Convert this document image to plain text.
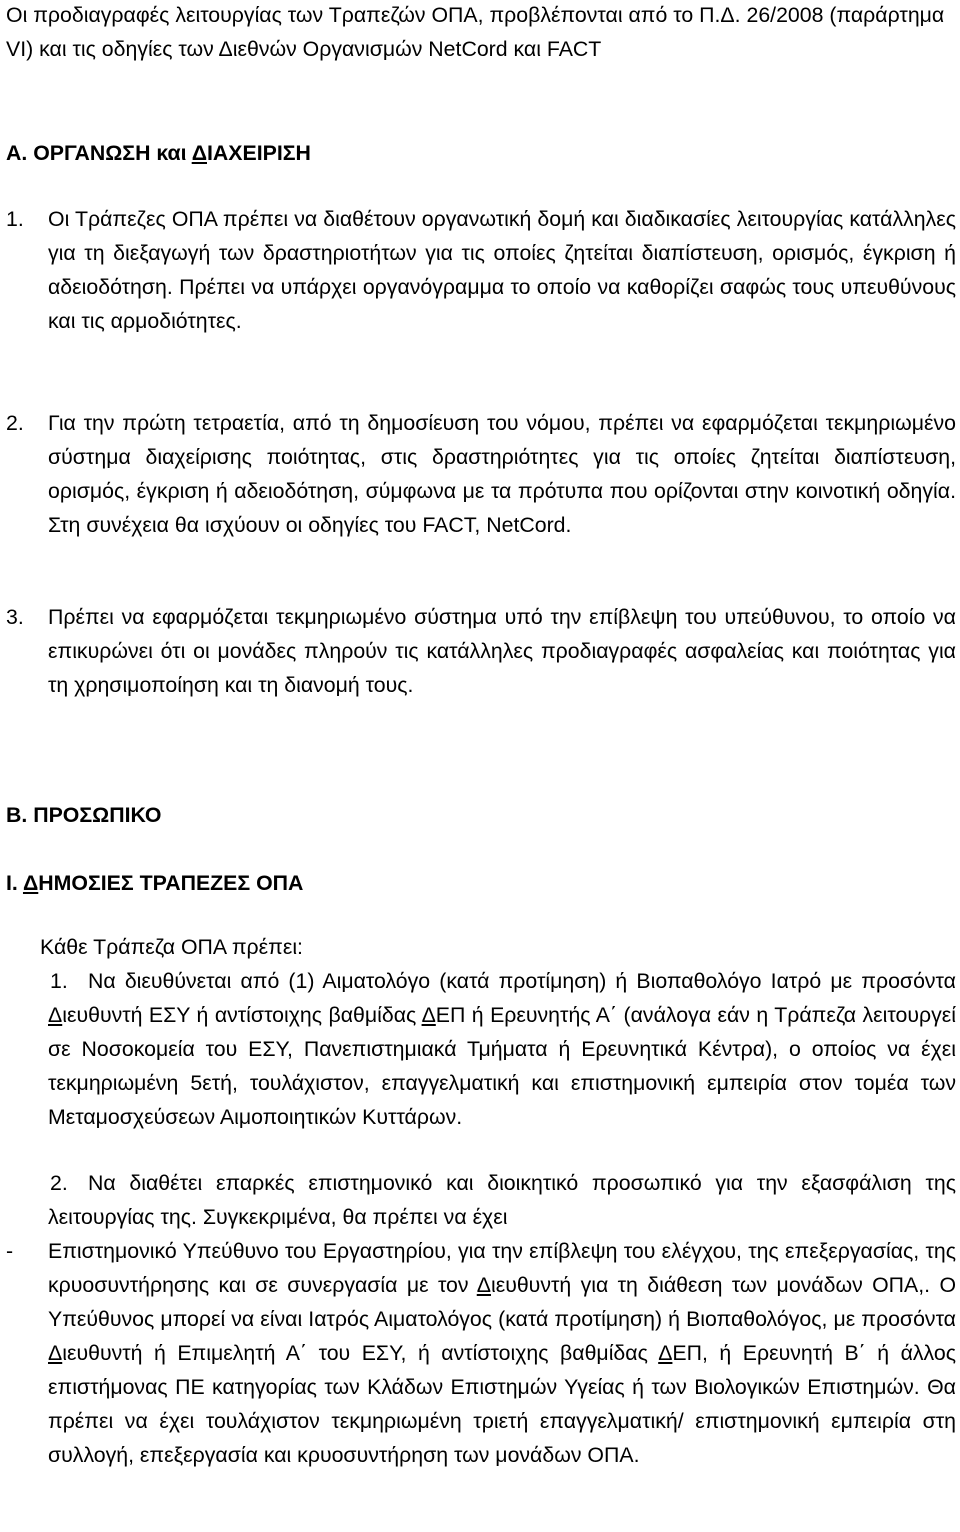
Οι προδιαγραφές λειτουργίας των Τραπεζών ΟΠΑ, προβλέπονται από το Π.Δ. 26/2008 (παράρτημα VI) και τις οδηγίες των Διεθνών Οργανισμών NetCord και FACT

Α. ΟΡΓΑΝΩΣΗ και ΔΙΑΧΕΙΡΙΣΗ

1.	Οι Τράπεζες ΟΠΑ πρέπει να διαθέτουν οργανωτική δομή και διαδικασίες λειτουργίας κατάλληλες για τη διεξαγωγή των δραστηριοτήτων για τις οποίες ζητείται διαπίστευση, ορισμός, έγκριση ή αδειοδότηση. Πρέπει να υπάρχει οργανόγραμμα το οποίο να καθορίζει σαφώς τους υπευθύνους και τις αρμοδιότητες.
2.	Για την πρώτη τετραετία, από τη δημοσίευση του νόμου, πρέπει να εφαρμόζεται τεκμηριωμένο σύστημα διαχείρισης ποιότητας, στις δραστηριότητες για τις οποίες ζητείται διαπίστευση, ορισμός, έγκριση ή αδειοδότηση, σύμφωνα με τα πρότυπα που ορίζονται στην κοινοτική οδηγία. Στη συνέχεια θα ισχύουν οι οδηγίες του FACT, NetCord.
3.	Πρέπει να εφαρμόζεται τεκμηριωμένο σύστημα υπό την επίβλεψη του υπεύθυνου, το οποίο να επικυρώνει ότι οι μονάδες πληρούν τις κατάλληλες προδιαγραφές ασφαλείας και ποιότητας για τη χρησιμοποίηση και τη διανομή τους.

Β. ΠΡΟΣΩΠΙΚΟ

Ι. ΔΗΜΟΣΙΕΣ ΤΡΑΠΕΖΕΣ ΟΠΑ

Κάθε Τράπεζα ΟΠΑ πρέπει:

1. Να διευθύνεται από (1) Αιματολόγο (κατά προτίμηση) ή Βιοπαθολόγο Ιατρό με προσόντα Διευθυντή ΕΣΥ ή αντίστοιχης βαθμίδας ΔΕΠ ή Ερευνητής Α΄ (ανάλογα εάν η Τράπεζα λειτουργεί σε Νοσοκομεία του ΕΣΥ, Πανεπιστημιακά Τμήματα ή Ερευνητικά Κέντρα), ο οποίος να έχει τεκμηριωμένη 5ετή, τουλάχιστον, επαγγελματική και επιστημονική εμπειρία στον τομέα των Μεταμοσχεύσεων Αιμοποιητικών Κυττάρων.

2. Να διαθέτει επαρκές επιστημονικό και διοικητικό προσωπικό για την εξασφάλιση της λειτουργίας της. Συγκεκριμένα, θα πρέπει να έχει

-	Επιστημονικό Υπεύθυνο του Εργαστηρίου, για την επίβλεψη του ελέγχου, της επεξεργασίας, της κρυοσυντήρησης και σε συνεργασία με τον Διευθυντή για τη διάθεση των μονάδων ΟΠΑ,. Ο Υπεύθυνος μπορεί να είναι Ιατρός Αιματολόγος (κατά προτίμηση) ή Βιοπαθολόγος, με προσόντα Διευθυντή ή Επιμελητή Α΄ του ΕΣΥ, ή αντίστοιχης βαθμίδας ΔΕΠ, ή Ερευνητή Β΄ ή άλλος επιστήμονας ΠΕ κατηγορίας των Κλάδων Επιστημών Υγείας ή των Βιολογικών Επιστημών. Θα πρέπει να έχει τουλάχιστον τεκμηριωμένη τριετή επαγγελματική/ επιστημονική εμπειρία στη συλλογή, επεξεργασία και κρυοσυντήρηση των μονάδων ΟΠΑ.
